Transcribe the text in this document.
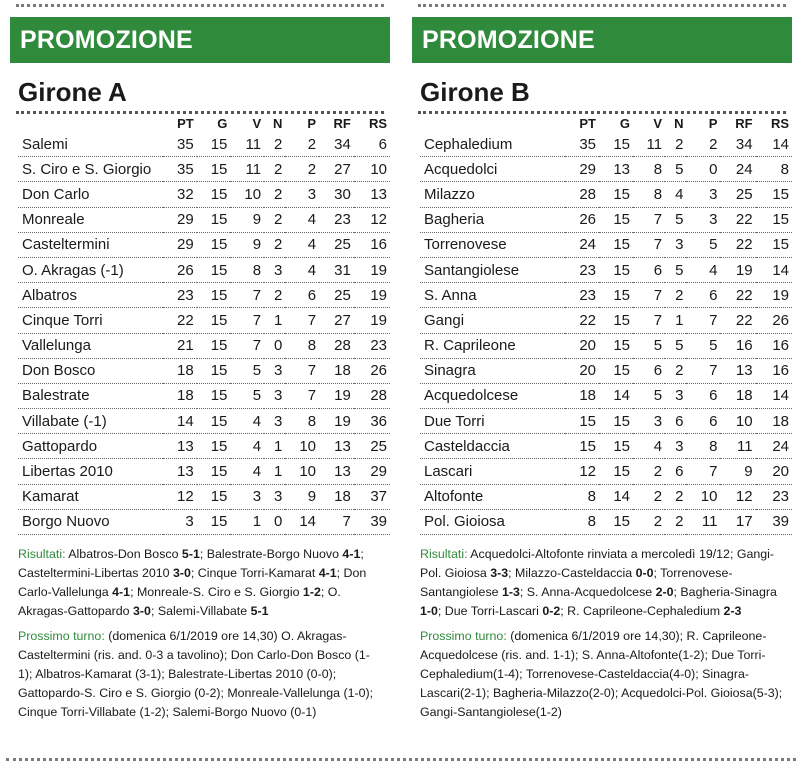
PROMOZIONE
Girone A
	PT	G	V	N	P	RF	RS
Salemi	35	15	11	2	2	34	6
S. Ciro e S. Giorgio	35	15	11	2	2	27	10
Don Carlo	32	15	10	2	3	30	13
Monreale	29	15	9	2	4	23	12
Casteltermini	29	15	9	2	4	25	16
O. Akragas (-1)	26	15	8	3	4	31	19
Albatros	23	15	7	2	6	25	19
Cinque Torri	22	15	7	1	7	27	19
Vallelunga	21	15	7	0	8	28	23
Don Bosco	18	15	5	3	7	18	26
Balestrate	18	15	5	3	7	19	28
Villabate (-1)	14	15	4	3	8	19	36
Gattopardo	13	15	4	1	10	13	25
Libertas 2010	13	15	4	1	10	13	29
Kamarat	12	15	3	3	9	18	37
Borgo Nuovo	3	15	1	0	14	7	39

Risultati: Albatros-Don Bosco 5-1; Balestrate-Borgo Nuovo 4-1; Casteltermini-Libertas 2010 3-0; Cinque Torri-Kamarat 4-1; Don Carlo-Vallelunga 4-1; Monreale-S. Ciro e S. Giorgio 1-2; O. Akragas-Gattopardo 3-0; Salemi-Villabate 5-1

Prossimo turno: (domenica 6/1/2019 ore 14,30) O. Akragas-Casteltermini (ris. and. 0-3 a tavolino); Don Carlo-Don Bosco (1-1); Albatros-Kamarat (3-1); Balestrate-Libertas 2010 (0-0); Gattopardo-S. Ciro e S. Giorgio (0-2); Monreale-Vallelunga (1-0); Cinque Torri-Villabate (1-2); Salemi-Borgo Nuovo (0-1)

PROMOZIONE
Girone B
	PT	G	V	N	P	RF	RS
Cephaledium	35	15	11	2	2	34	14
Acquedolci	29	13	8	5	0	24	8
Milazzo	28	15	8	4	3	25	15
Bagheria	26	15	7	5	3	22	15
Torrenovese	24	15	7	3	5	22	15
Santangiolese	23	15	6	5	4	19	14
S. Anna	23	15	7	2	6	22	19
Gangi	22	15	7	1	7	22	26
R. Caprileone	20	15	5	5	5	16	16
Sinagra	20	15	6	2	7	13	16
Acquedolcese	18	14	5	3	6	18	14
Due Torri	15	15	3	6	6	10	18
Casteldaccia	15	15	4	3	8	11	24
Lascari	12	15	2	6	7	9	20
Altofonte	8	14	2	2	10	12	23
Pol. Gioiosa	8	15	2	2	11	17	39

Risultati: Acquedolci-Altofonte rinviata a mercoledì 19/12; Gangi-Pol. Gioiosa 3-3; Milazzo-Casteldaccia 0-0; Torrenovese-Santangiolese 1-3; S. Anna-Acquedolcese 2-0; Bagheria-Sinagra 1-0; Due Torri-Lascari 0-2; R. Caprileone-Cephaledium 2-3

Prossimo turno: (domenica 6/1/2019 ore 14,30); R. Caprileone-Acquedolcese (ris. and. 1-1); S. Anna-Altofonte(1-2); Due Torri-Cephaledium(1-4); Torrenovese-Casteldaccia(4-0); Sinagra-Lascari(2-1); Bagheria-Milazzo(2-0); Acquedolci-Pol. Gioiosa(5-3); Gangi-Santangiolese(1-2)
